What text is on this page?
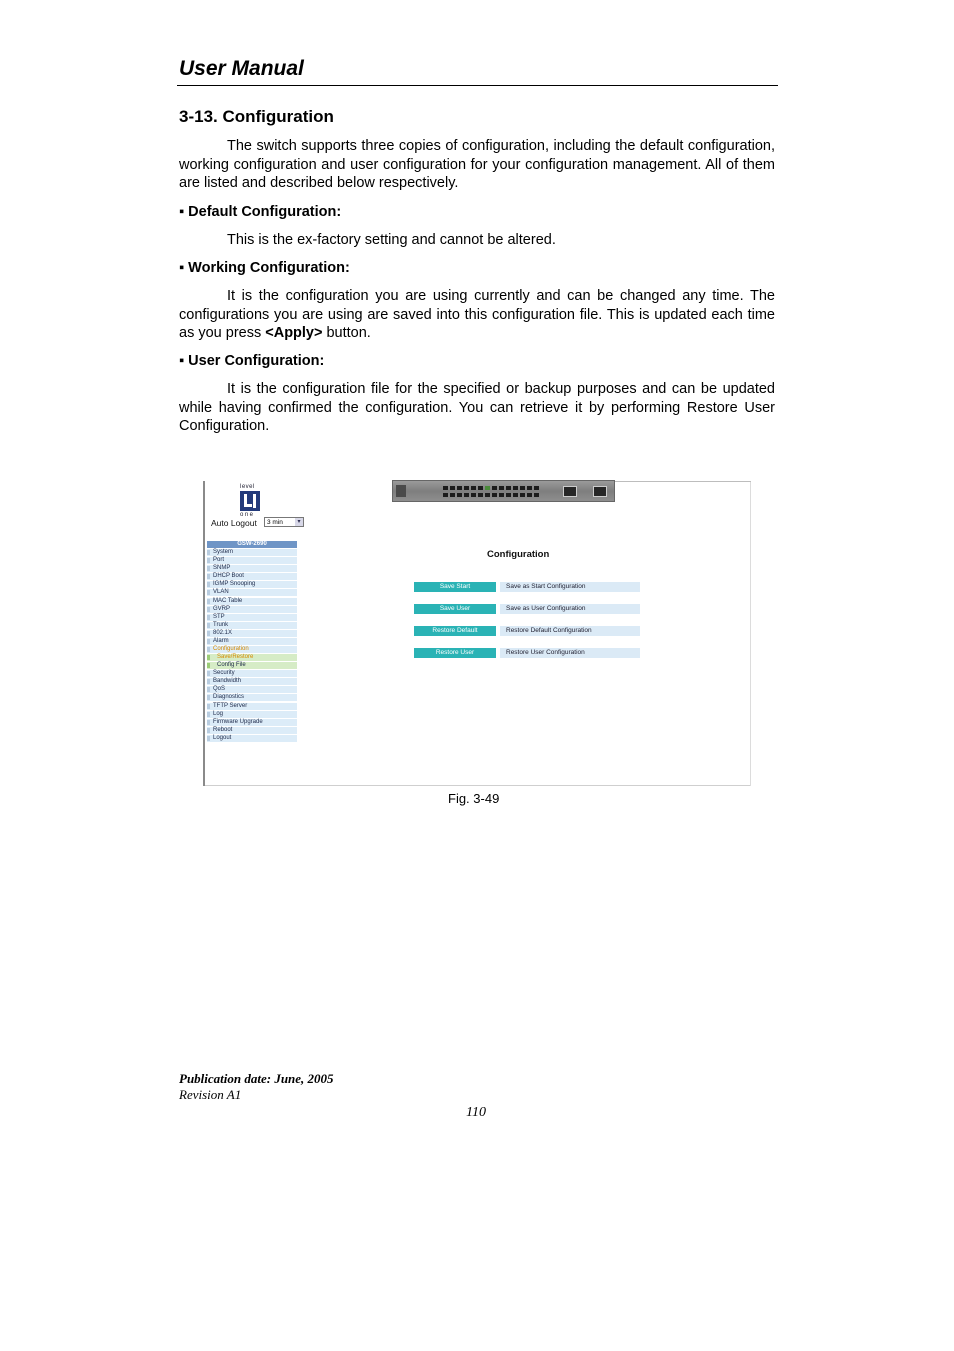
User Manual
3-13. Configuration

The switch supports three copies of configuration, including the default configuration, working configuration and user configuration for your configuration management. All of them are listed and described below respectively.

▪ Default Configuration:
This is the ex-factory setting and cannot be altered.
▪ Working Configuration:

It is the configuration you are using currently and can be changed any time. The configurations you are using are saved into this configuration file. This is updated each time as you press <Apply> button.

▪ User Configuration:

It is the configuration file for the specified or backup purposes and can be updated while having confirmed the configuration. You can retrieve it by performing Restore User Configuration.

level
one
Auto Logout	3 min	▾
GSW-2690
System
Port
SNMP
DHCP Boot
IGMP Snooping
VLAN
MAC Table
GVRP
STP
Trunk
802.1X
Alarm
Configuration
Save/Restore
Config File
Security
Bandwidth
QoS
Diagnostics
TFTP Server
Log
Firmware Upgrade
Reboot
Logout
Configuration
Save Start	Save as Start Configuration
Save User	Save as User Configuration
Restore Default	Restore Default Configuration
Restore User	Restore User Configuration
Fig. 3-49
Publication date: June, 2005
Revision A1
110
